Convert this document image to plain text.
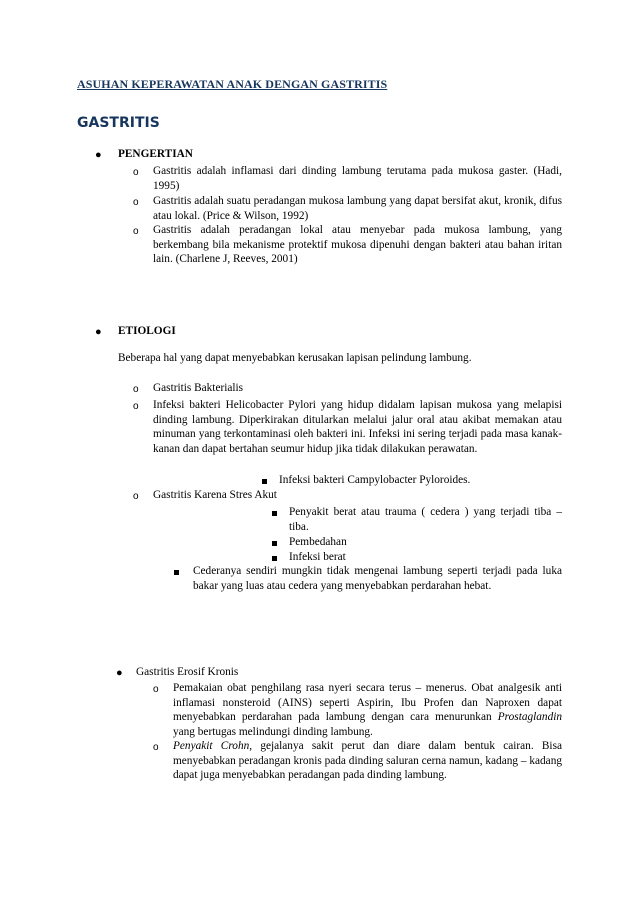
ASUHAN KEPERAWATAN ANAK DENGAN GASTRITIS
GASTRITIS
● PENGERTIAN
o Gastritis adalah inflamasi dari dinding lambung terutama pada mukosa gaster. (Hadi, 1995)
o Gastritis adalah suatu peradangan mukosa lambung yang dapat bersifat akut, kronik, difus atau lokal. (Price & Wilson, 1992)
o Gastritis adalah peradangan lokal atau menyebar pada mukosa lambung, yang berkembang bila mekanisme protektif mukosa dipenuhi dengan bakteri atau bahan iritan lain. (Charlene J, Reeves, 2001)
● ETIOLOGI
Beberapa hal yang dapat menyebabkan kerusakan lapisan pelindung lambung.
o Gastritis Bakterialis
o Infeksi bakteri Helicobacter Pylori yang hidup didalam lapisan mukosa yang melapisi dinding lambung. Diperkirakan ditularkan melalui jalur oral atau akibat memakan atau minuman yang terkontaminasi oleh bakteri ini. Infeksi ini sering terjadi pada masa kanak-kanan dan dapat bertahan seumur hidup jika tidak dilakukan perawatan.
Infeksi bakteri Campylobacter Pyloroides.
o Gastritis Karena Stres Akut
Penyakit berat atau trauma ( cedera ) yang terjadi tiba – tiba.
Pembedahan
Infeksi berat
Cederanya sendiri mungkin tidak mengenai lambung seperti terjadi pada luka bakar yang luas atau cedera yang menyebabkan perdarahan hebat.
● Gastritis Erosif Kronis
o Pemakaian obat penghilang rasa nyeri secara terus – menerus. Obat analgesik anti inflamasi nonsteroid (AINS) seperti Aspirin, Ibu Profen dan Naproxen dapat menyebabkan perdarahan pada lambung dengan cara menurunkan Prostaglandin yang bertugas melindungi dinding lambung.
o Penyakit Crohn, gejalanya sakit perut dan diare dalam bentuk cairan. Bisa menyebabkan peradangan kronis pada dinding saluran cerna namun, kadang – kadang dapat juga menyebabkan peradangan pada dinding lambung.
